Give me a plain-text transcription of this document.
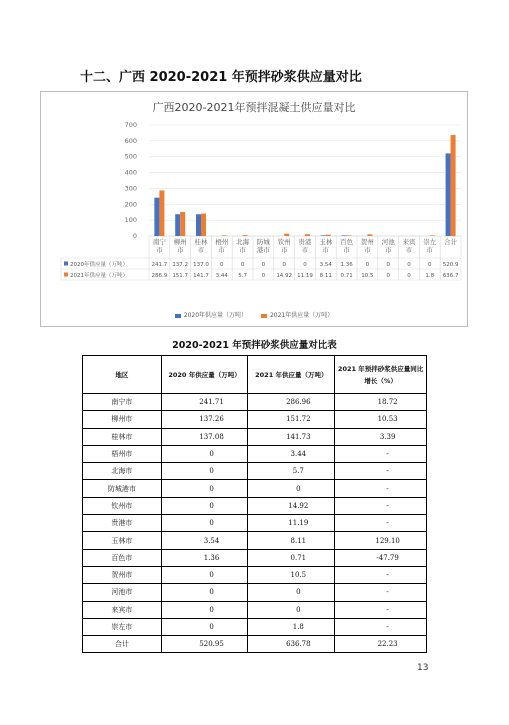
十二、广西 2020-2021 年预拌砂浆供应量对比
广西2020-2021年预拌混凝土供应量对比
0
100
200
300
400
500
600
700
南宁
市
柳州
市
桂林
市
梧州
市
北海
市
防城
港市
钦州
市
贵港
市
玉林
市
百色
市
贺州
市
河池
市
来宾
市
崇左
市
合计
2020年供应量（万吨）	241.7 137.2 137.0 0	0	0	0	0 3.54 1.36 0	0	0	0 520.9
2021年供应量（万吨）	286.9 151.7 141.7 3.44 5.7	0 14.92 11.19 8.11 0.71 10.5 0	0	1.8 636.7
2020年供应量（万吨）	2021年供应量（万吨）
2020-2021 年预拌砂浆供应量对比表
地区	2020 年供应量（万吨）	2021 年供应量（万吨）	2021 年预拌砂浆供应量同比增长（%）
南宁市	241.71	286.96	18.72
柳州市	137.26	151.72	10.53
桂林市	137.08	141.73	3.39
梧州市	0	3.44	-
北海市	0	5.7	-
防城港市	0	0	-
钦州市	0	14.92	-
贵港市	0	11.19	-
玉林市	3.54	8.11	129.10
百色市	1.36	0.71	-47.79
贺州市	0	10.5	-
河池市	0	0	-
来宾市	0	0	-
崇左市	0	1.8	-
合计	520.95	636.78	22.23
13
